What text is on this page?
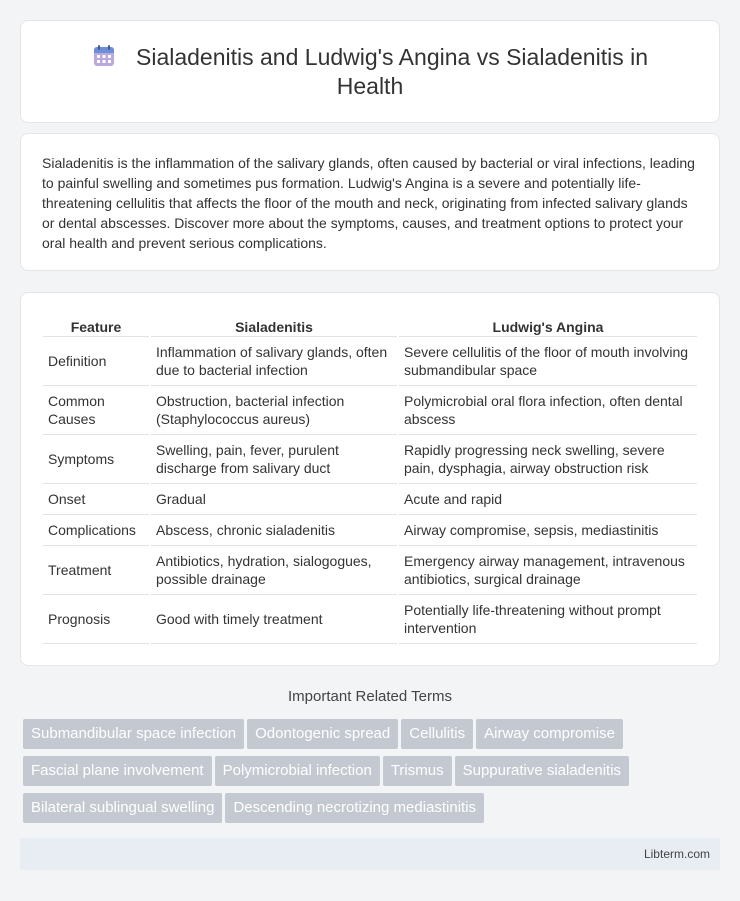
Sialadenitis and Ludwig's Angina vs Sialadenitis in Health

Sialadenitis is the inflammation of the salivary glands, often caused by bacterial or viral infections, leading to painful swelling and sometimes pus formation. Ludwig's Angina is a severe and potentially life-threatening cellulitis that affects the floor of the mouth and neck, originating from infected salivary glands or dental abscesses. Discover more about the symptoms, causes, and treatment options to protect your oral health and prevent serious complications.

Feature	Sialadenitis	Ludwig's Angina
Definition	Inflammation of salivary glands, often due to bacterial infection	Severe cellulitis of the floor of mouth involving submandibular space
Common Causes	Obstruction, bacterial infection (Staphylococcus aureus)	Polymicrobial oral flora infection, often dental abscess
Symptoms	Swelling, pain, fever, purulent discharge from salivary duct	Rapidly progressing neck swelling, severe pain, dysphagia, airway obstruction risk
Onset	Gradual	Acute and rapid
Complications	Abscess, chronic sialadenitis	Airway compromise, sepsis, mediastinitis
Treatment	Antibiotics, hydration, sialogogues, possible drainage	Emergency airway management, intravenous antibiotics, surgical drainage
Prognosis	Good with timely treatment	Potentially life-threatening without prompt intervention
Important Related Terms
Submandibular space infection Odontogenic spread Cellulitis Airway compromise
Fascial plane involvement Polymicrobial infection Trismus Suppurative sialadenitis
Bilateral sublingual swelling Descending necrotizing mediastinitis
Libterm.com
